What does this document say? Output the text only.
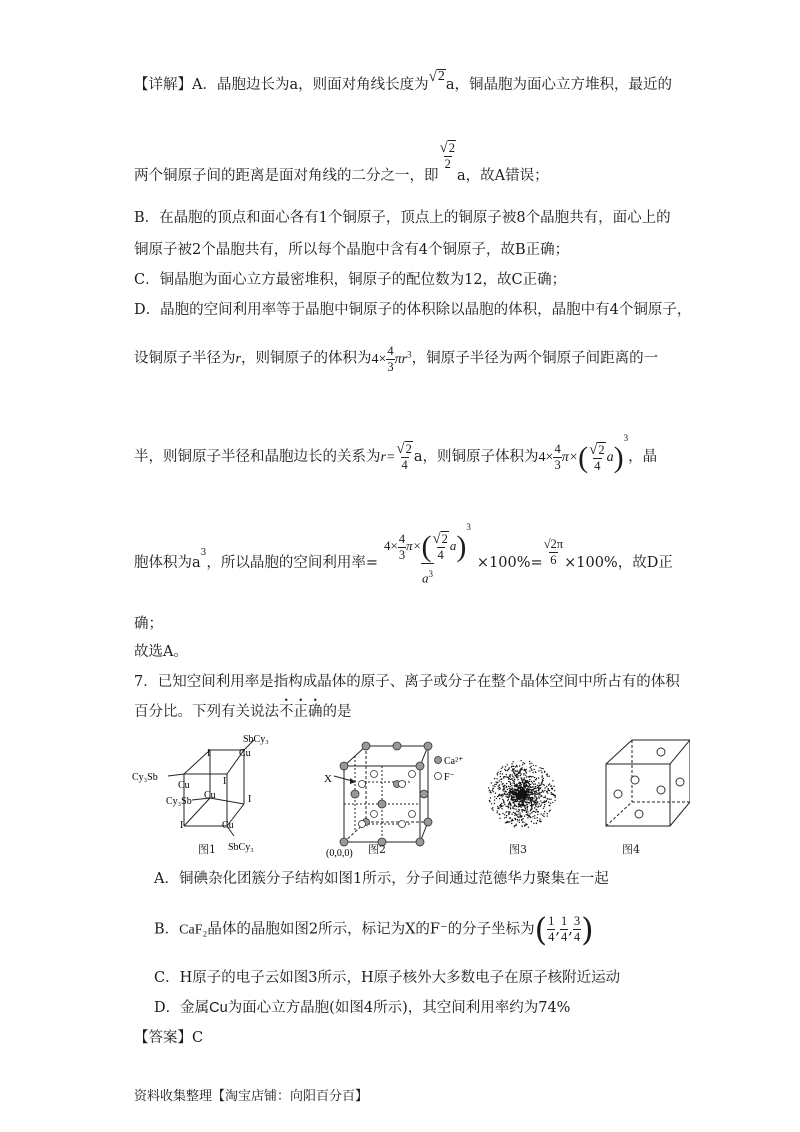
【详解】A．晶胞边长为a，则面对角线长度为 √ 2
a，铜晶胞为面心立方堆积，最近的
两个铜原子间的距离是面对角线的二分之一，即
$\frac{√ 2}{2}$
a，故A错误；
B．在晶胞的顶点和面心各有1个铜原子，顶点上的铜原子被8个晶胞共有，面心上的
铜原子被2个晶胞共有，所以每个晶胞中含有4个铜原子，故B正确；
C．铜晶胞为面心立方最密堆积，铜原子的配位数为12，故C正确；
D．晶胞的空间利用率等于晶胞中铜原子的体积除以晶胞的体积，晶胞中有4个铜原子，
设铜原子半径为r，则铜原子的体积为$4\times \frac{4}{3} \pi r^3$，铜原子半径为两个铜原子间距离的一
半，则铜原子半径和晶胞边长的关系为$r= \frac{√ 2}{4}$ a，则铜原子体积为$4\times \frac{4}{3} \pi\times( \frac{√ 2}{4} a)^3$，晶
胞体积为$a^3$，所以晶胞的空间利用率= $\frac{4\times \frac{4}{3} \pi\times( \frac{√ 2}{4} a)^3}{a^3} \times 100\%= \frac{√2\pi}{6} \times 100\%$，故D正
确；
故选A。
7．已知空间利用率是指构成晶体的原子、离子或分子在整个晶体空间中所占有的体积
百分比。下列有关说法不正确的是
SbCy₃
Cy₃Sb
Cy₃Sb
SbCy₃
Cu
Cu
Cu
Cu
I
I
I
I
X
(0,0,0)
Ca²⁺
F⁻
图1	图2	图3	图4
A．铜碘杂化团簇分子结构如图1所示，分子间通过范德华力聚集在一起
B．CaF₂晶体的晶胞如图2所示，标记为X的F⁻的分子坐标为( $\frac{1}{4}$ , $\frac{1}{4}$ , $\frac{3}{4}$ )
C．H原子的电子云如图3所示，H原子核外大多数电子在原子核附近运动
D．金属Cu为面心立方晶胞(如图4所示)，其空间利用率约为74%
【答案】C
资料收集整理【淘宝店铺：向阳百分百】
